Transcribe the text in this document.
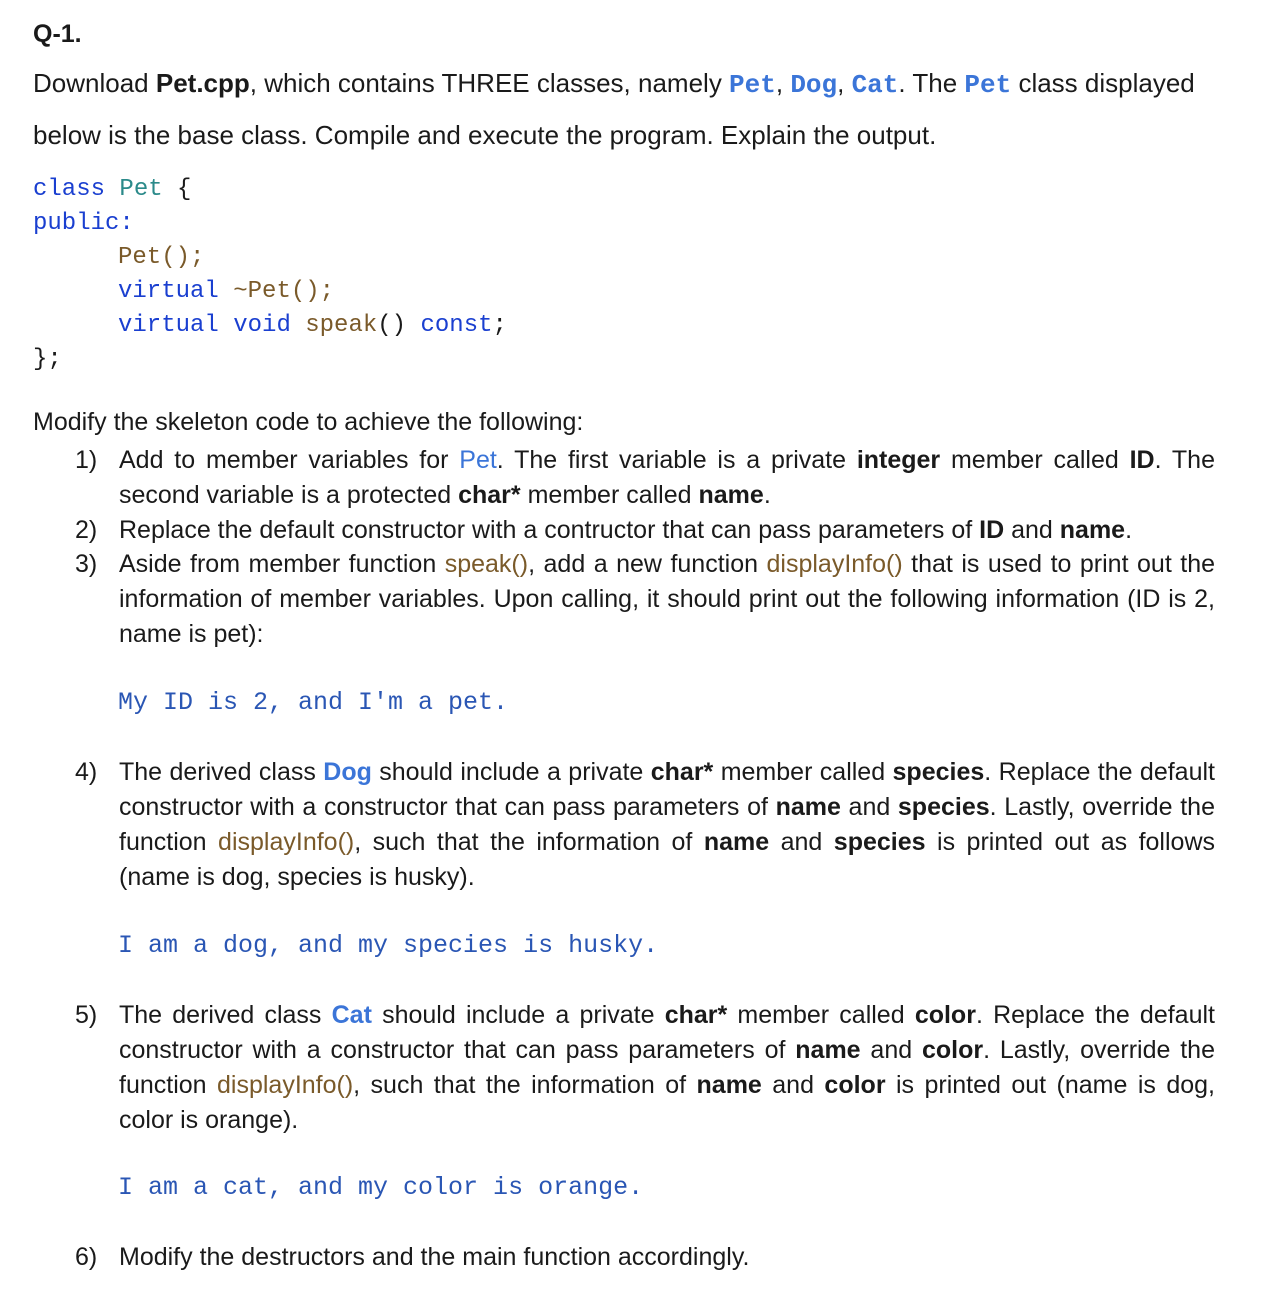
Q-1.
Download Pet.cpp, which contains THREE classes, namely Pet, Dog, Cat. The Pet class displayed
below is the base class. Compile and execute the program. Explain the output.
class Pet {
public:
Pet();
virtual ~Pet();
virtual void speak() const;
};
Modify the skeleton code to achieve the following:
1) Add to member variables for Pet. The first variable is a private integer member called ID. The second variable is a protected char* member called name.
2) Replace the default constructor with a contructor that can pass parameters of ID and name.
3) Aside from member function speak(), add a new function displayInfo() that is used to print out the information of member variables. Upon calling, it should print out the following information (ID is 2, name is pet):
My ID is 2, and I'm a pet.
4) The derived class Dog should include a private char* member called species. Replace the default constructor with a constructor that can pass parameters of name and species. Lastly, override the function displayInfo(), such that the information of name and species is printed out as follows (name is dog, species is husky).
I am a dog, and my species is husky.
5) The derived class Cat should include a private char* member called color. Replace the default constructor with a constructor that can pass parameters of name and color. Lastly, override the function displayInfo(), such that the information of name and color is printed out (name is dog, color is orange).
I am a cat, and my color is orange.
6) Modify the destructors and the main function accordingly.
